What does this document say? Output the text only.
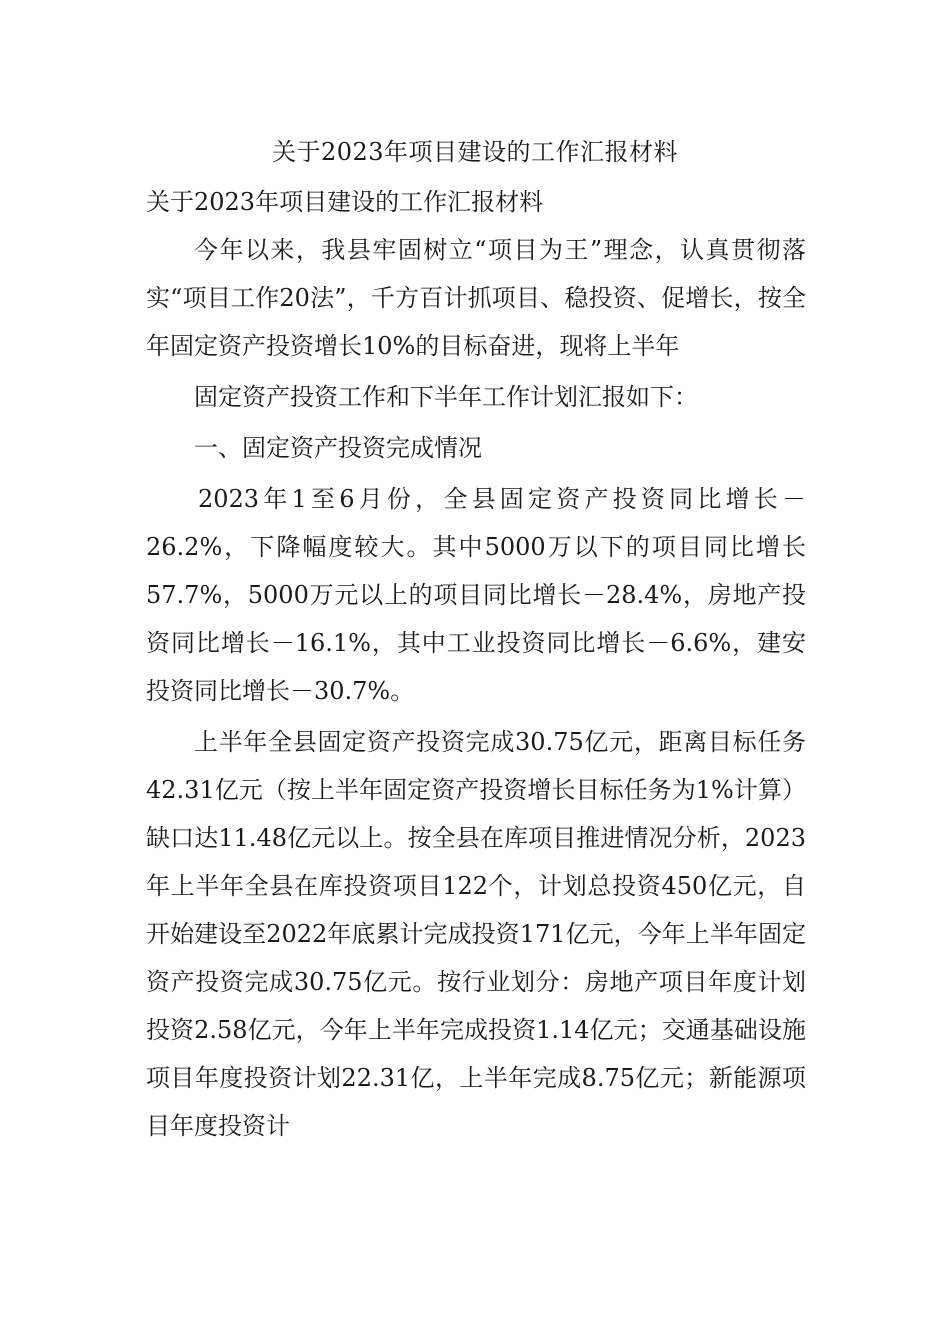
关于2023年项目建设的工作汇报材料

关于2023年项目建设的工作汇报材料

今年以来，我县牢固树立“项目为王”理念，认真贯彻落实“项目工作20法”，千方百计抓项目、稳投资、促增长，按全年固定资产投资增长10%的目标奋进，现将上半年

固定资产投资工作和下半年工作计划汇报如下：

一、固定资产投资完成情况

2023年1至6月份，全县固定资产投资同比增长－26.2%，下降幅度较大。其中5000万以下的项目同比增长57.7%，5000万元以上的项目同比增长－28.4%，房地产投资同比增长－16.1%，其中工业投资同比增长－6.6%，建安投资同比增长－30.7%。

上半年全县固定资产投资完成30.75亿元，距离目标任务42.31亿元（按上半年固定资产投资增长目标任务为1%计算）缺口达11.48亿元以上。按全县在库项目推进情况分析，2023年上半年全县在库投资项目122个，计划总投资450亿元，自开始建设至2022年底累计完成投资171亿元，今年上半年固定资产投资完成30.75亿元。按行业划分：房地产项目年度计划投资2.58亿元，今年上半年完成投资1.14亿元；交通基础设施项目年度投资计划22.31亿，上半年完成8.75亿元；新能源项目年度投资计
